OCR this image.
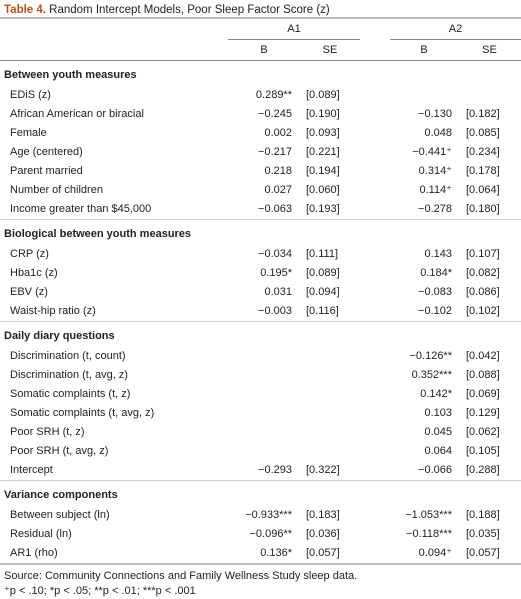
Table 4. Random Intercept Models, Poor Sleep Factor Score (z)
	A1			A2	
	B	SE		B	SE
Between youth measures					
EDiS (z)	0.289**	[0.089]			
African American or biracial	−0.245	[0.190]		−0.130	[0.182]
Female	0.002	[0.093]		0.048	[0.085]
Age (centered)	−0.217	[0.221]		−0.441⁺	[0.234]
Parent married	0.218	[0.194]		0.314⁺	[0.178]
Number of children	0.027	[0.060]		0.114⁺	[0.064]
Income greater than $45,000	−0.063	[0.193]		−0.278	[0.180]
Biological between youth measures					
CRP (z)	−0.034	[0.111]		0.143	[0.107]
Hba1c (z)	0.195*	[0.089]		0.184*	[0.082]
EBV (z)	0.031	[0.094]		−0.083	[0.086]
Waist-hip ratio (z)	−0.003	[0.116]		−0.102	[0.102]
Daily diary questions					
Discrimination (t, count)				−0.126**	[0.042]
Discrimination (t, avg, z)				0.352***	[0.088]
Somatic complaints (t, z)				0.142*	[0.069]
Somatic complaints (t, avg, z)				0.103	[0.129]
Poor SRH (t, z)				0.045	[0.062]
Poor SRH (t, avg, z)				0.064	[0.105]
Intercept	−0.293	[0.322]		−0.066	[0.288]
Variance components					
Between subject (ln)	−0.933***	[0.183]		−1.053***	[0.188]
Residual (ln)	−0.096**	[0.036]		−0.118***	[0.035]
AR1 (rho)	0.136*	[0.057]		0.094⁺	[0.057]
Source: Community Connections and Family Wellness Study sleep data.
⁺p < .10; *p < .05; **p < .01; ***p < .001
